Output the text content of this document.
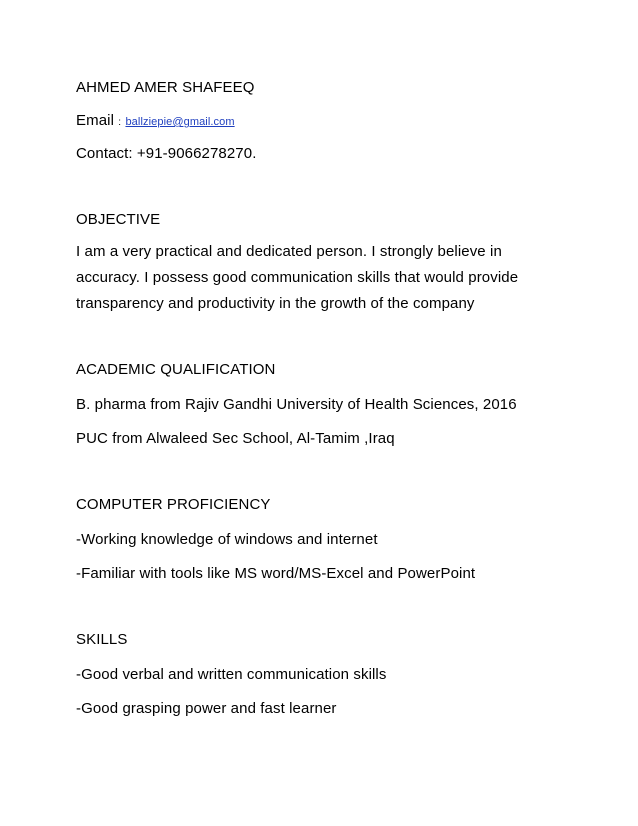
AHMED AMER SHAFEEQ
Email : ballziepie@gmail.com
Contact: +91-9066278270.
OBJECTIVE
I am a very practical and dedicated person. I strongly believe in
accuracy. I possess good communication skills that would provide
transparency and productivity in the growth of the company
ACADEMIC QUALIFICATION
B. pharma from Rajiv Gandhi University of Health Sciences, 2016
PUC from Alwaleed Sec School, Al-Tamim ,Iraq
COMPUTER PROFICIENCY
-Working knowledge of windows and internet
-Familiar with tools like MS word/MS-Excel and PowerPoint
SKILLS
-Good verbal and written communication skills
-Good grasping power and fast learner
